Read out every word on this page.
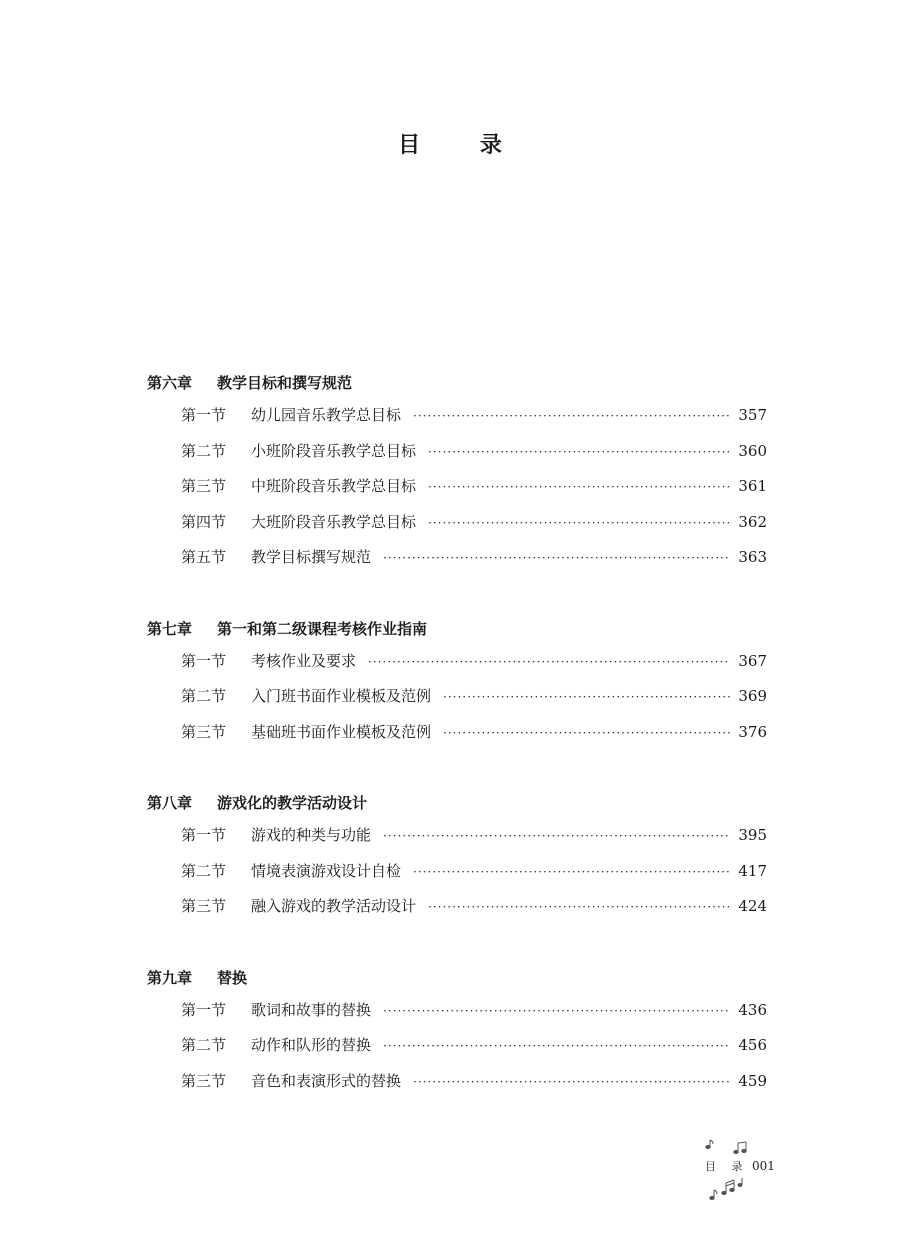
目 录
第六章 教学目标和撰写规范
第一节	幼儿园音乐教学总目标 ·····	357
第二节	小班阶段音乐教学总目标 ·····	360
第三节	中班阶段音乐教学总目标 ·····	361
第四节	大班阶段音乐教学总目标 ·····	362
第五节	教学目标撰写规范 ·····	363
第七章 第一和第二级课程考核作业指南
第一节	考核作业及要求 ·····	367
第二节	入门班书面作业模板及范例 ·····	369
第三节	基础班书面作业模板及范例 ·····	376
第八章 游戏化的教学活动设计
第一节	游戏的种类与功能 ·····	395
第二节	情境表演游戏设计自检 ·····	417
第三节	融入游戏的教学活动设计 ·····	424
第九章 替换
第一节	歌词和故事的替换 ·····	436
第二节	动作和队形的替换 ·····	456
第三节	音色和表演形式的替换 ·····	459
目 录 001
